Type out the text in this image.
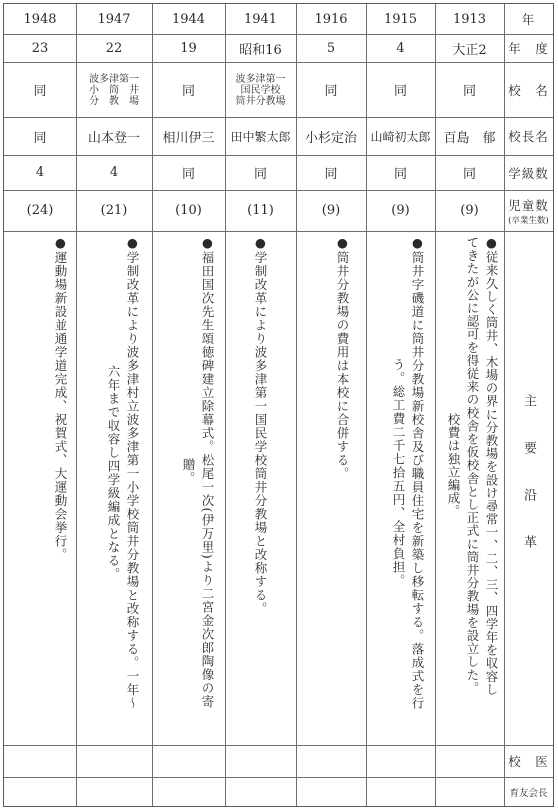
1948
23
同
同
4
(24)
●運動場新設並通学道完成、祝賀式、大運動会挙行。
1947
22
波多津第一
小　筒　井
分　教　場
山本登一
4
(21)
●学制改革により波多津村立波多津第一小学校筒井分教場と改称する。一年〜
六年まで収容し四学級編成となる。
1944
19
同
相川伊三
同
(10)
●福田国次先生頌徳碑建立除幕式。松尾一次(伊万里)より二宮金次郎陶像の寄
贈。
1941
昭和16
波多津第一
国民学校
筒井分教場
田中繁太郎
同
(11)
●学制改革により波多津第一国民学校筒井分教場と改称する。
1916
5
同
小杉定治
同
(9)
●筒井分教場の費用は本校に合併する。
1915
4
同
山崎初太郎
同
(9)
●筒井字磯道に筒井分教場新校舎及び職員住宅を新築し移転する。落成式を行
う。総工費二千七拾五円、全村負担。
1913
大正2
同
百島　郁
同
(9)
●従来久しく筒井、木場の界に分教場を設け尋常一、二、三、四学年を収容し
てきたが公に認可を得従来の校舎を仮校舎とし正式に筒井分教場を設立した。
校費は独立編成。
年
年　度
校　名
校長名
学級数
児童数
(卒業生数)
主要沿革
校　医
育友会長
